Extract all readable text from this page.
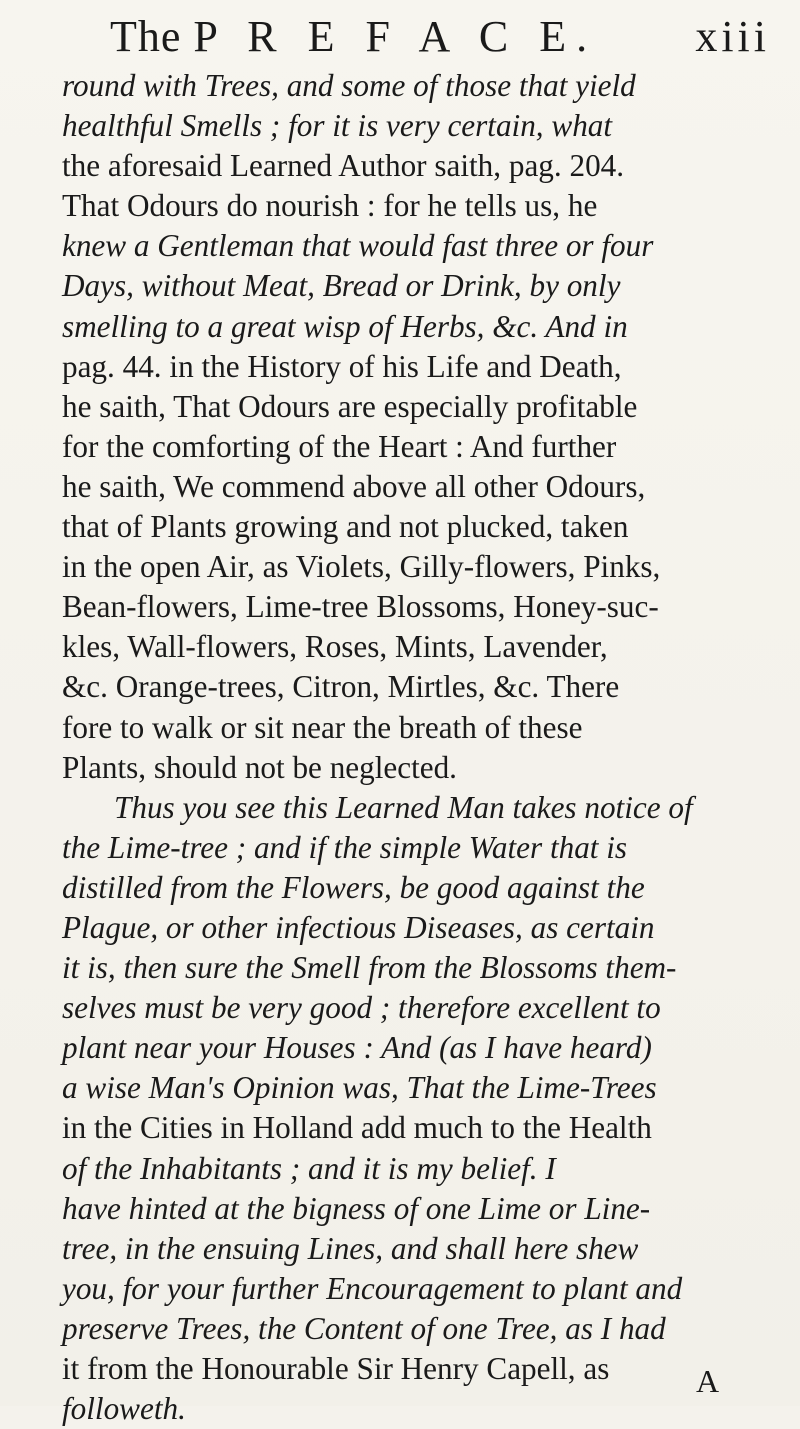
The P R E F A C E. xiii
round with Trees, and some of those that yield
healthful Smells ; for it is very certain, what
the aforesaid Learned Author saith, pag. 204.
That Odours do nourish : for he tells us, he
knew a Gentleman that would fast three or four
Days, without Meat, Bread or Drink, by only
smelling to a great wisp of Herbs, &c. And in
pag. 44. in the History of his Life and Death,
he saith, That Odours are especially profitable
for the comforting of the Heart : And further
he saith, We commend above all other Odours,
that of Plants growing and not plucked, taken
in the open Air, as Violets, Gilly-flowers, Pinks,
Bean-flowers, Lime-tree Blossoms, Honey-suc-
kles, Wall-flowers, Roses, Mints, Lavender,
&c. Orange-trees, Citron, Mirtles, &c. There
fore to walk or sit near the breath of these
Plants, should not be neglected.
Thus you see this Learned Man takes notice of
the Lime-tree ; and if the simple Water that is
distilled from the Flowers, be good against the
Plague, or other infectious Diseases, as certain
it is, then sure the Smell from the Blossoms them-
selves must be very good ; therefore excellent to
plant near your Houses : And (as I have heard)
a wise Man's Opinion was, That the Lime-Trees
in the Cities in Holland add much to the Health
of the Inhabitants ; and it is my belief. I
have hinted at the bigness of one Lime or Line-
tree, in the ensuing Lines, and shall here shew
you, for your further Encouragement to plant and
preserve Trees, the Content of one Tree, as I had
it from the Honourable Sir Henry Capell, as
followeth.
A
